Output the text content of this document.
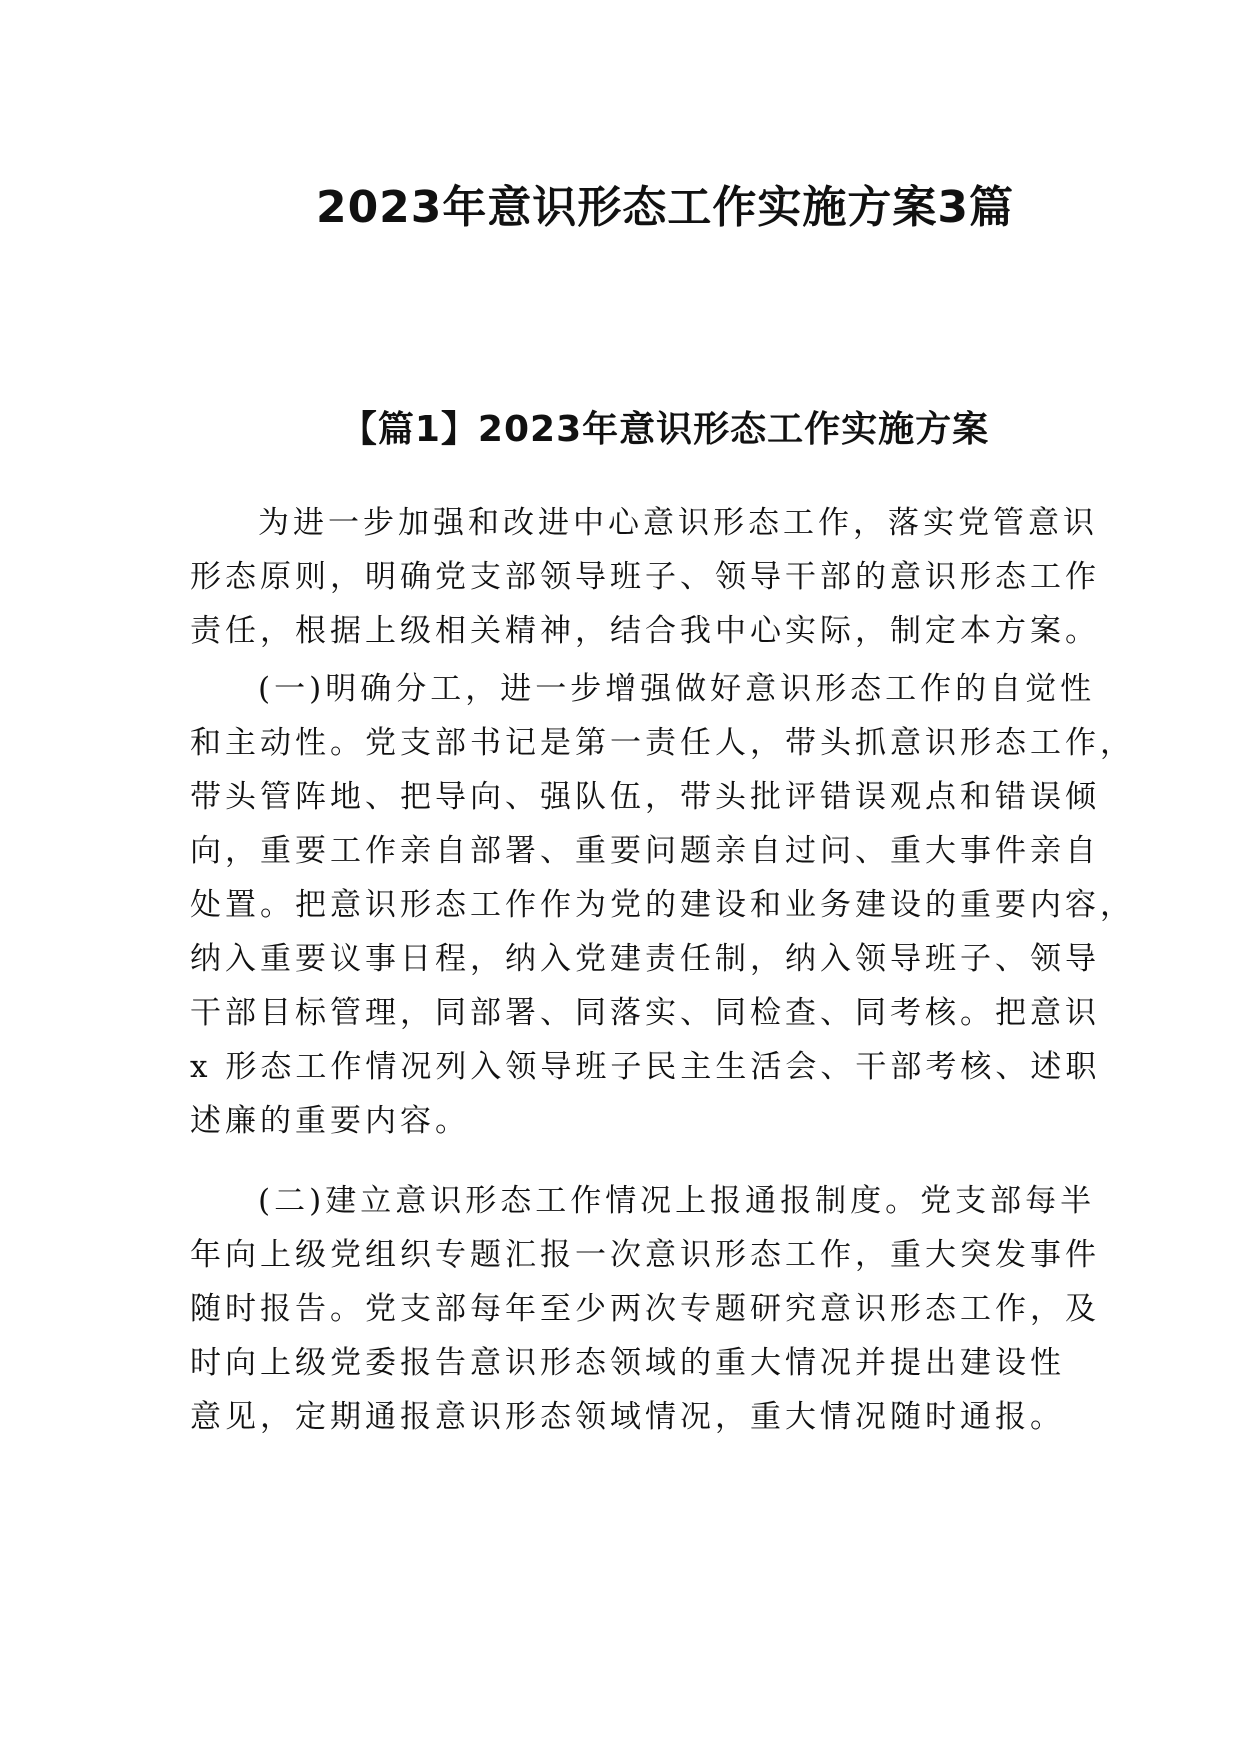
2023年意识形态工作实施方案3篇
【篇1】2023年意识形态工作实施方案
为进一步加强和改进中心意识形态工作，落实党管意识
形态原则，明确党支部领导班子、领导干部的意识形态工作
责任，根据上级相关精神，结合我中心实际，制定本方案。
(一)明确分工，进一步增强做好意识形态工作的自觉性
和主动性。党支部书记是第一责任人，带头抓意识形态工作，
带头管阵地、把导向、强队伍，带头批评错误观点和错误倾
向，重要工作亲自部署、重要问题亲自过问、重大事件亲自
处置。把意识形态工作作为党的建设和业务建设的重要内容，
纳入重要议事日程，纳入党建责任制，纳入领导班子、领导
干部目标管理，同部署、同落实、同检查、同考核。把意识
x 形态工作情况列入领导班子民主生活会、干部考核、述职
述廉的重要内容。
(二)建立意识形态工作情况上报通报制度。党支部每半
年向上级党组织专题汇报一次意识形态工作，重大突发事件
随时报告。党支部每年至少两次专题研究意识形态工作，及
时向上级党委报告意识形态领域的重大情况并提出建设性
意见，定期通报意识形态领域情况，重大情况随时通报。
